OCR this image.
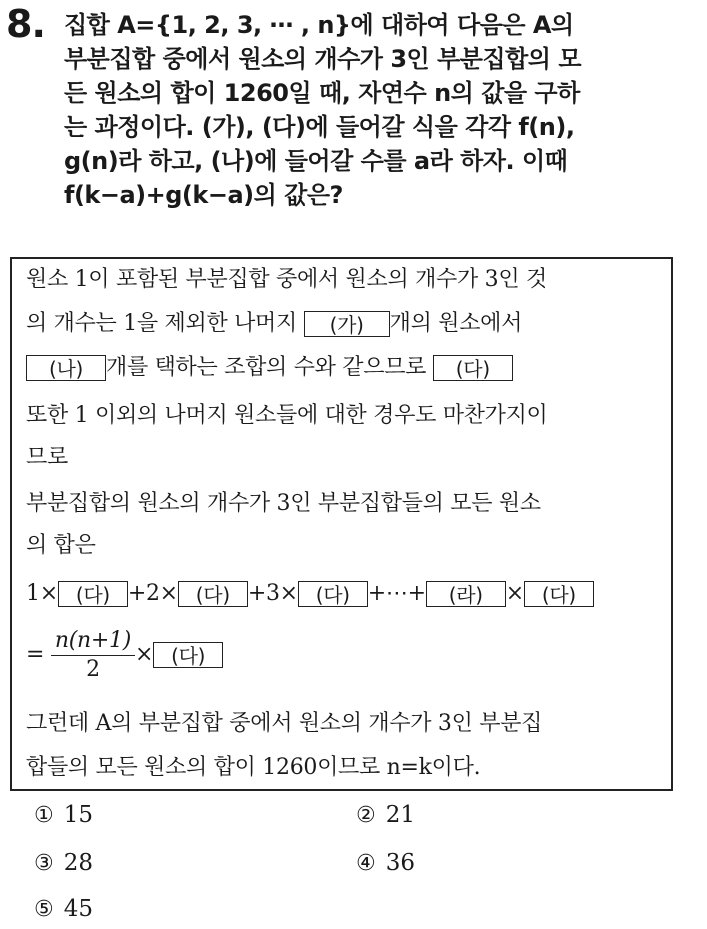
8. 집합 A={1, 2, 3, ⋯ , n}에 대하여 다음은 A의
부분집합 중에서 원소의 개수가 3인 부분집합의 모
든 원소의 합이 1260일 때, 자연수 n의 값을 구하
는 과정이다. (가), (다)에 들어갈 식을 각각 f(n),
g(n)라 하고, (나)에 들어갈 수를 a라 하자. 이때
f(k−a)+g(k−a)의 값은?
원소 1이 포함된 부분집합 중에서 원소의 개수가 3인 것
의 개수는 1을 제외한 나머지 (가) 개의 원소에서
(나) 개를 택하는 조합의 수와 같으므로 (다)
또한 1 이외의 나머지 원소들에 대한 경우도 마찬가지이
므로
부분집합의 원소의 개수가 3인 부분집합들의 모든 원소
의 합은
1× (다) +2× (다) +3× (다) +⋯+ (라) × (다)
= $\frac{n(n+1)}{2}$ × (다)
그런데 A의 부분집합 중에서 원소의 개수가 3인 부분집
합들의 모든 원소의 합이 1260이므로 n=k이다.
① 15	② 21
③ 28	④ 36
⑤ 45
